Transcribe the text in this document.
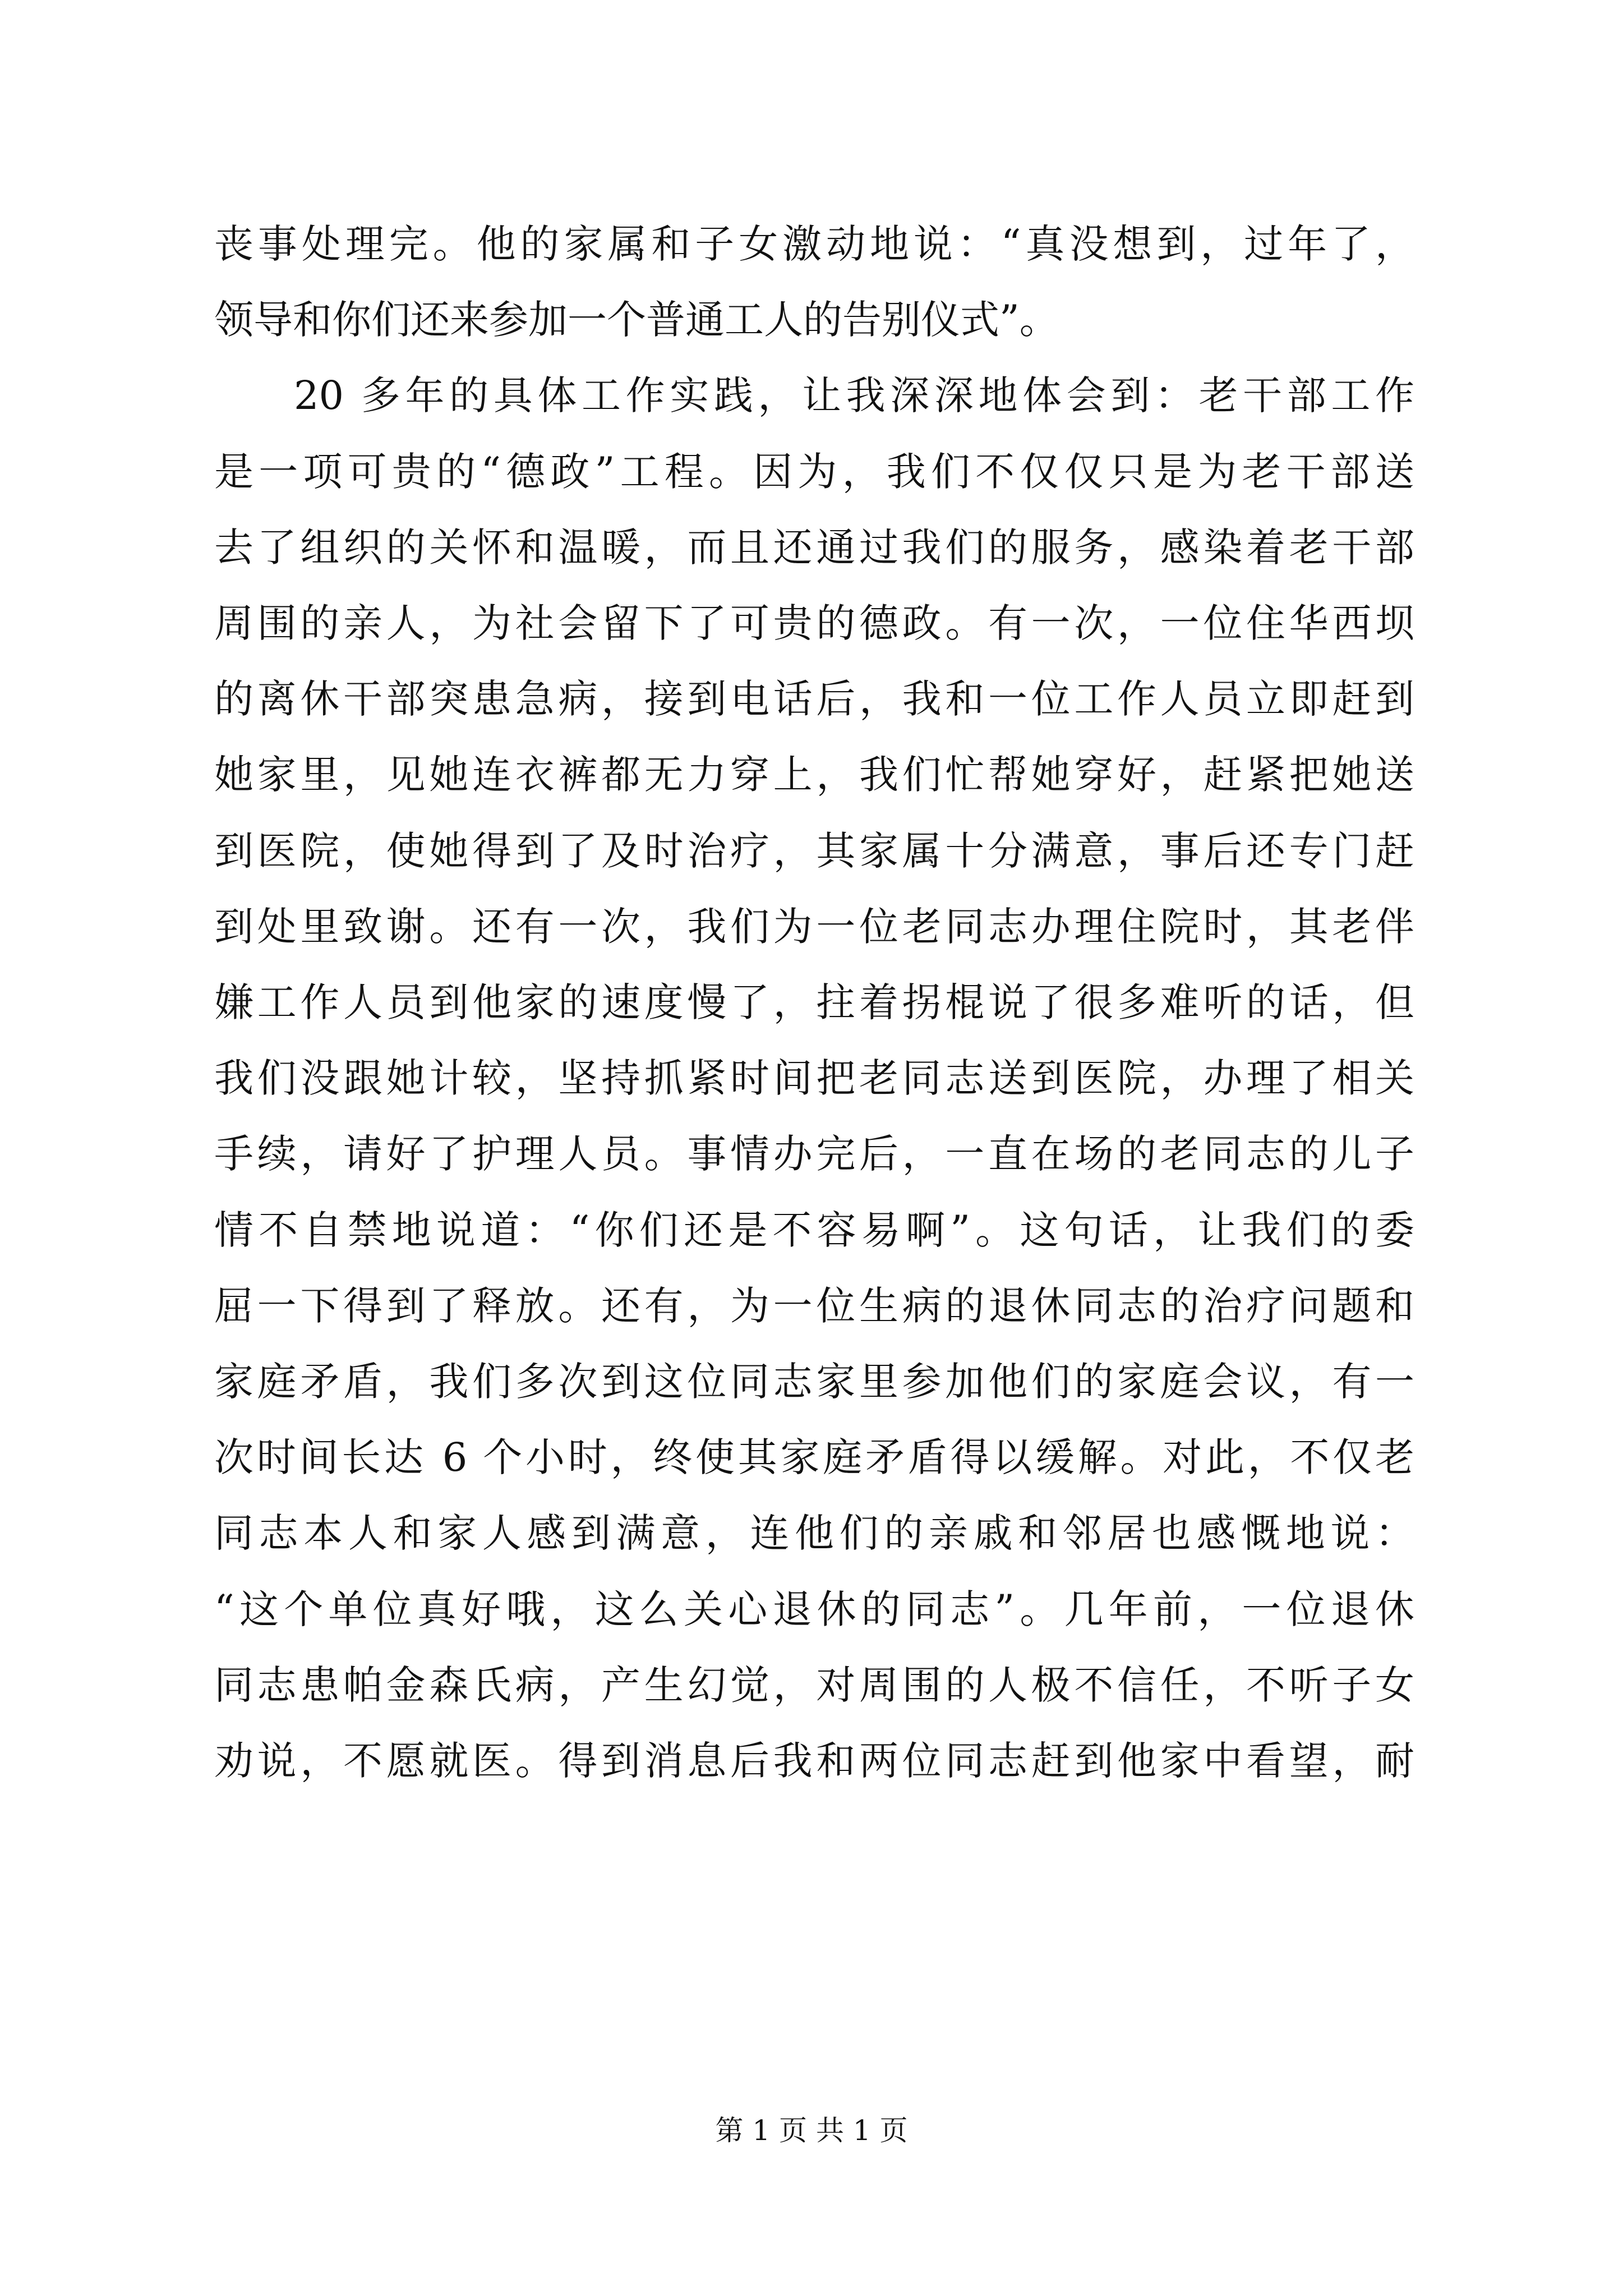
丧事处理完。他的家属和子女激动地说：“真没想到，过年了，
领导和你们还来参加一个普通工人的告别仪式”。
20 多年的具体工作实践，让我深深地体会到：老干部工作
是一项可贵的“德政”工程。因为，我们不仅仅只是为老干部送
去了组织的关怀和温暖，而且还通过我们的服务，感染着老干部
周围的亲人，为社会留下了可贵的德政。有一次，一位住华西坝
的离休干部突患急病，接到电话后，我和一位工作人员立即赶到
她家里，见她连衣裤都无力穿上，我们忙帮她穿好，赶紧把她送
到医院，使她得到了及时治疗，其家属十分满意，事后还专门赶
到处里致谢。还有一次，我们为一位老同志办理住院时，其老伴
嫌工作人员到他家的速度慢了，拄着拐棍说了很多难听的话，但
我们没跟她计较，坚持抓紧时间把老同志送到医院，办理了相关
手续，请好了护理人员。事情办完后，一直在场的老同志的儿子
情不自禁地说道：“你们还是不容易啊”。这句话，让我们的委
屈一下得到了释放。还有，为一位生病的退休同志的治疗问题和
家庭矛盾，我们多次到这位同志家里参加他们的家庭会议，有一
次时间长达 6 个小时，终使其家庭矛盾得以缓解。对此，不仅老
同志本人和家人感到满意，连他们的亲戚和邻居也感慨地说：
“这个单位真好哦，这么关心退休的同志”。几年前，一位退休
同志患帕金森氏病，产生幻觉，对周围的人极不信任，不听子女
劝说，不愿就医。得到消息后我和两位同志赶到他家中看望，耐
第 1 页 共 1 页
